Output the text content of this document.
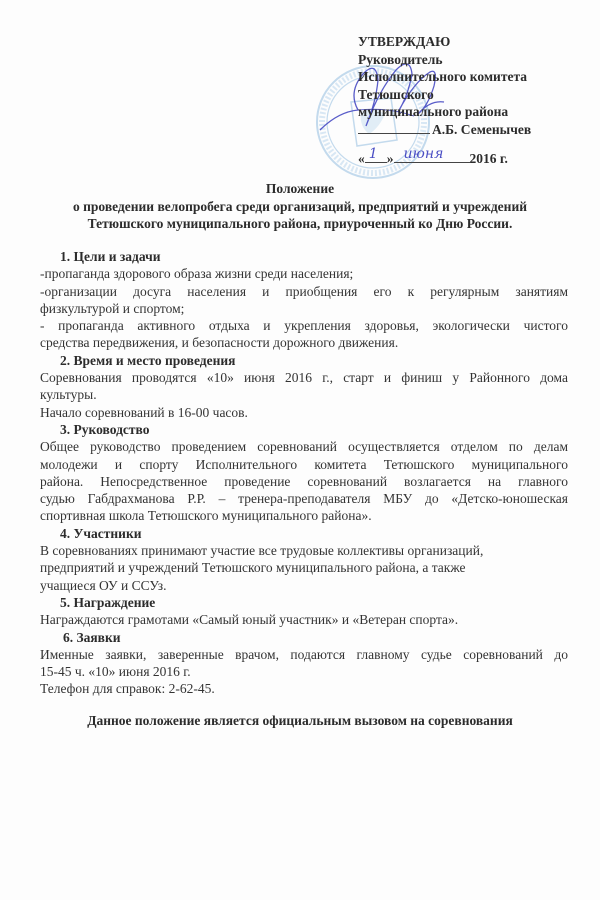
УТВЕРЖДАЮ
Руководитель
Исполнительного комитета
Тетюшского
муниципального района
А.Б. Семенычев
« 1 » июня 2016 г.
Положение
о проведении велопробега среди организаций, предприятий и учреждений
Тетюшского муниципального района, приуроченный ко Дню России.
1. Цели и задачи
-пропаганда здорового образа жизни среди населения;
-организации досуга населения и приобщения его к регулярным занятиям
физкультурой и спортом;
- пропаганда активного отдыха и укрепления здоровья, экологически чистого
средства передвижения, и безопасности дорожного движения.
2. Время и место проведения
Соревнования проводятся «10» июня 2016 г., старт и финиш у Районного дома
культуры.
Начало соревнований в 16-00 часов.
3. Руководство
Общее руководство проведением соревнований осуществляется отделом по делам
молодежи и спорту Исполнительного комитета Тетюшского муниципального
района. Непосредственное проведение соревнований возлагается на главного
судью Габдрахманова Р.Р. – тренера-преподавателя МБУ до «Детско-юношеская
спортивная школа Тетюшского муниципального района».
4. Участники
В соревнованиях принимают участие все трудовые коллективы организаций,
предприятий и учреждений Тетюшского муниципального района, а также
учащиеся ОУ и ССУз.
5. Награждение
Награждаются грамотами «Самый юный участник» и «Ветеран спорта».
6. Заявки
Именные заявки, заверенные врачом, подаются главному судье соревнований до
15-45 ч. «10» июня 2016 г.
Телефон для справок: 2-62-45.
Данное положение является официальным вызовом на соревнования
